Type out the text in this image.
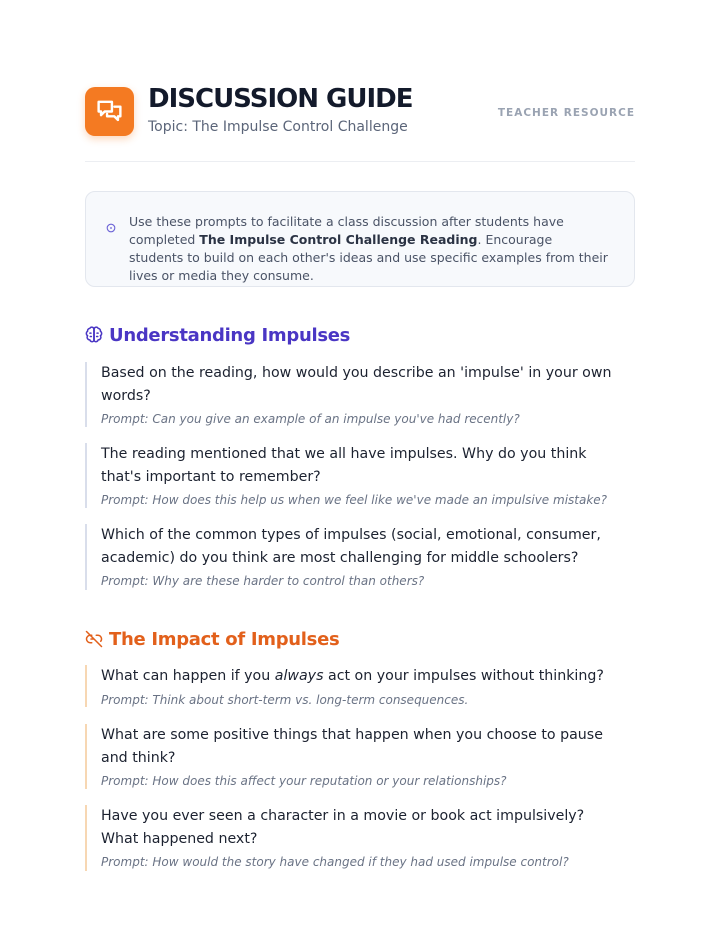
DISCUSSION GUIDE
Topic: The Impulse Control Challenge
TEACHER RESOURCE
Use these prompts to facilitate a class discussion after students have completed The Impulse Control Challenge Reading. Encourage students to build on each other's ideas and use specific examples from their lives or media they consume.
Understanding Impulses
Based on the reading, how would you describe an 'impulse' in your own words?
Prompt: Can you give an example of an impulse you've had recently?
The reading mentioned that we all have impulses. Why do you think that's important to remember?
Prompt: How does this help us when we feel like we've made an impulsive mistake?
Which of the common types of impulses (social, emotional, consumer, academic) do you think are most challenging for middle schoolers?
Prompt: Why are these harder to control than others?
The Impact of Impulses
What can happen if you always act on your impulses without thinking?
Prompt: Think about short-term vs. long-term consequences.
What are some positive things that happen when you choose to pause and think?
Prompt: How does this affect your reputation or your relationships?
Have you ever seen a character in a movie or book act impulsively? What happened next?
Prompt: How would the story have changed if they had used impulse control?
